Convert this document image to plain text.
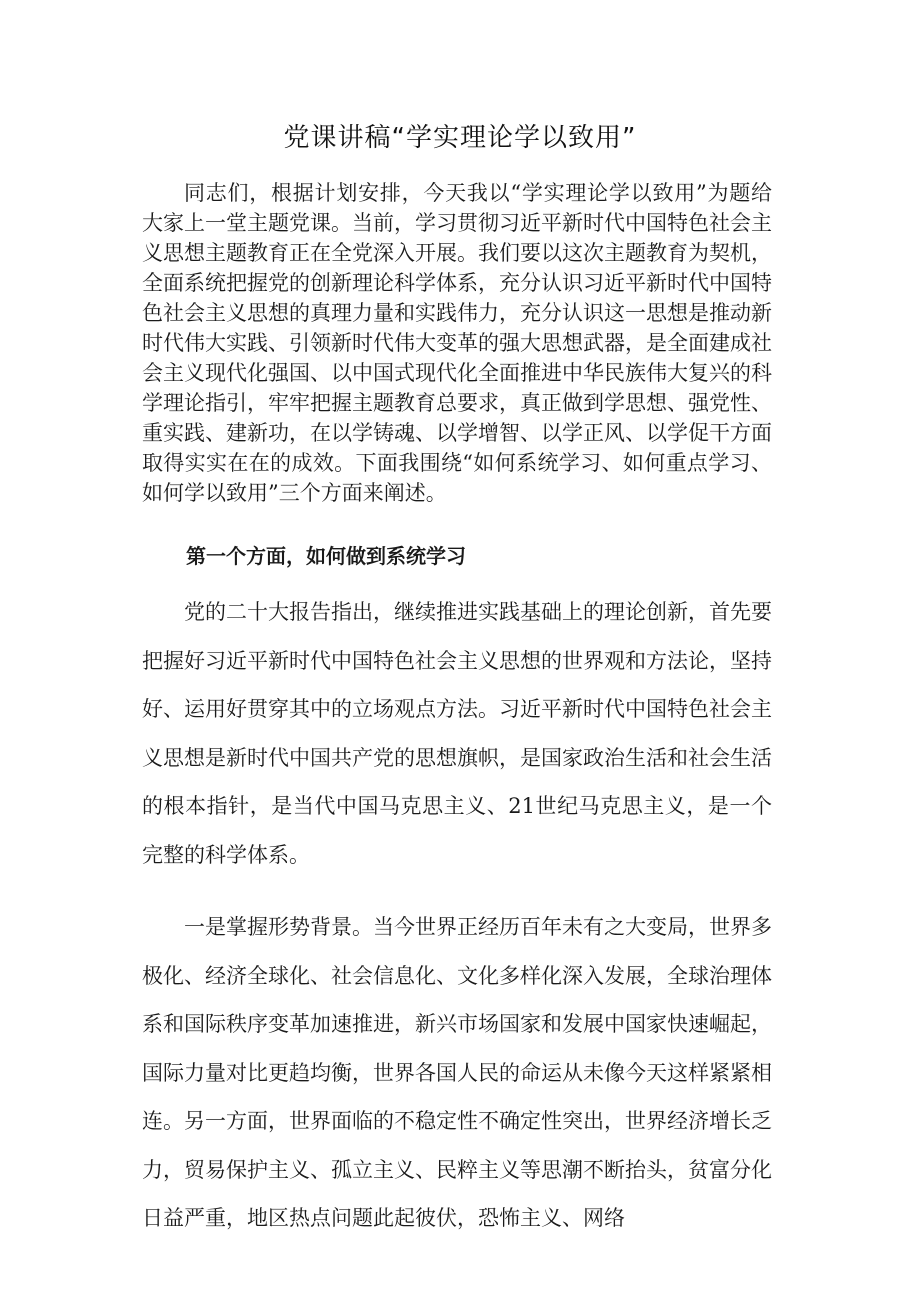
党课讲稿“学实理论学以致用”

同志们，根据计划安排，今天我以“学实理论学以致用”为题给大家上一堂主题党课。当前，学习贯彻习近平新时代中国特色社会主义思想主题教育正在全党深入开展。我们要以这次主题教育为契机，全面系统把握党的创新理论科学体系，充分认识习近平新时代中国特色社会主义思想的真理力量和实践伟力，充分认识这一思想是推动新时代伟大实践、引领新时代伟大变革的强大思想武器，是全面建成社会主义现代化强国、以中国式现代化全面推进中华民族伟大复兴的科学理论指引，牢牢把握主题教育总要求，真正做到学思想、强党性、重实践、建新功，在以学铸魂、以学增智、以学正风、以学促干方面取得实实在在的成效。下面我围绕“如何系统学习、如何重点学习、如何学以致用”三个方面来阐述。

第一个方面，如何做到系统学习

党的二十大报告指出，继续推进实践基础上的理论创新，首先要把握好习近平新时代中国特色社会主义思想的世界观和方法论，坚持好、运用好贯穿其中的立场观点方法。习近平新时代中国特色社会主义思想是新时代中国共产党的思想旗帜，是国家政治生活和社会生活的根本指针，是当代中国马克思主义、21世纪马克思主义，是一个完整的科学体系。

一是掌握形势背景。当今世界正经历百年未有之大变局，世界多极化、经济全球化、社会信息化、文化多样化深入发展，全球治理体系和国际秩序变革加速推进，新兴市场国家和发展中国家快速崛起，国际力量对比更趋均衡，世界各国人民的命运从未像今天这样紧紧相连。另一方面，世界面临的不稳定性不确定性突出，世界经济增长乏力，贸易保护主义、孤立主义、民粹主义等思潮不断抬头，贫富分化日益严重，地区热点问题此起彼伏，恐怖主义、网络
